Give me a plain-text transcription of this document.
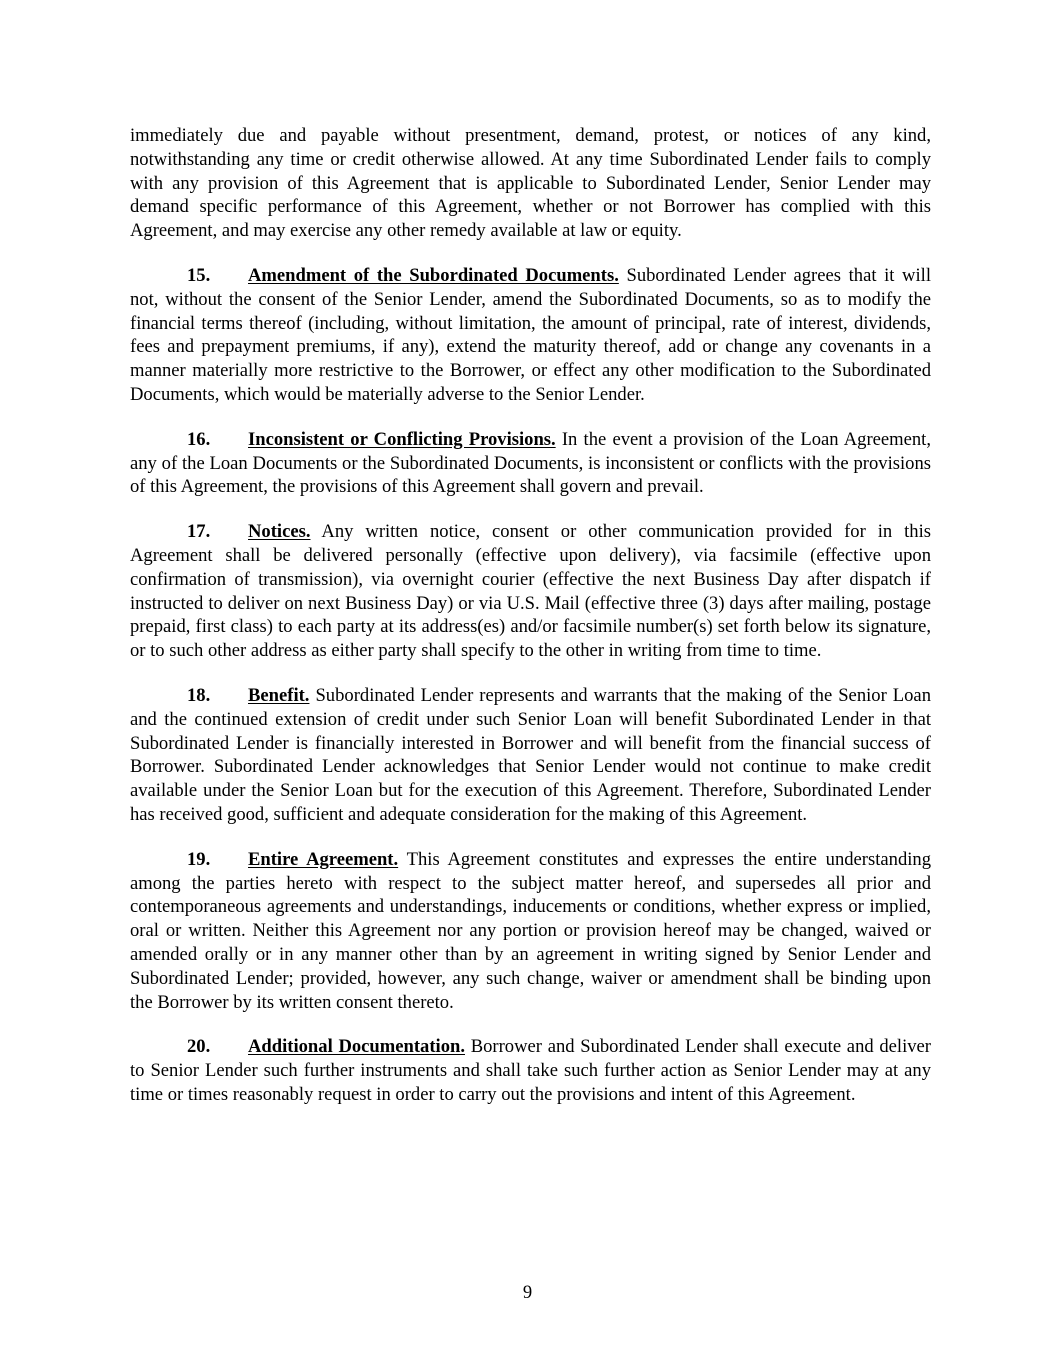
immediately due and payable without presentment, demand, protest, or notices of any kind, notwithstanding any time or credit otherwise allowed. At any time Subordinated Lender fails to comply with any provision of this Agreement that is applicable to Subordinated Lender, Senior Lender may demand specific performance of this Agreement, whether or not Borrower has complied with this Agreement, and may exercise any other remedy available at law or equity.

15. Amendment of the Subordinated Documents. Subordinated Lender agrees that it will not, without the consent of the Senior Lender, amend the Subordinated Documents, so as to modify the financial terms thereof (including, without limitation, the amount of principal, rate of interest, dividends, fees and prepayment premiums, if any), extend the maturity thereof, add or change any covenants in a manner materially more restrictive to the Borrower, or effect any other modification to the Subordinated Documents, which would be materially adverse to the Senior Lender.

16. Inconsistent or Conflicting Provisions. In the event a provision of the Loan Agreement, any of the Loan Documents or the Subordinated Documents, is inconsistent or conflicts with the provisions of this Agreement, the provisions of this Agreement shall govern and prevail.

17. Notices. Any written notice, consent or other communication provided for in this Agreement shall be delivered personally (effective upon delivery), via facsimile (effective upon confirmation of transmission), via overnight courier (effective the next Business Day after dispatch if instructed to deliver on next Business Day) or via U.S. Mail (effective three (3) days after mailing, postage prepaid, first class) to each party at its address(es) and/or facsimile number(s) set forth below its signature, or to such other address as either party shall specify to the other in writing from time to time.

18. Benefit. Subordinated Lender represents and warrants that the making of the Senior Loan and the continued extension of credit under such Senior Loan will benefit Subordinated Lender in that Subordinated Lender is financially interested in Borrower and will benefit from the financial success of Borrower. Subordinated Lender acknowledges that Senior Lender would not continue to make credit available under the Senior Loan but for the execution of this Agreement. Therefore, Subordinated Lender has received good, sufficient and adequate consideration for the making of this Agreement.

19. Entire Agreement. This Agreement constitutes and expresses the entire understanding among the parties hereto with respect to the subject matter hereof, and supersedes all prior and contemporaneous agreements and understandings, inducements or conditions, whether express or implied, oral or written. Neither this Agreement nor any portion or provision hereof may be changed, waived or amended orally or in any manner other than by an agreement in writing signed by Senior Lender and Subordinated Lender; provided, however, any such change, waiver or amendment shall be binding upon the Borrower by its written consent thereto.

20. Additional Documentation. Borrower and Subordinated Lender shall execute and deliver to Senior Lender such further instruments and shall take such further action as Senior Lender may at any time or times reasonably request in order to carry out the provisions and intent of this Agreement.

9
